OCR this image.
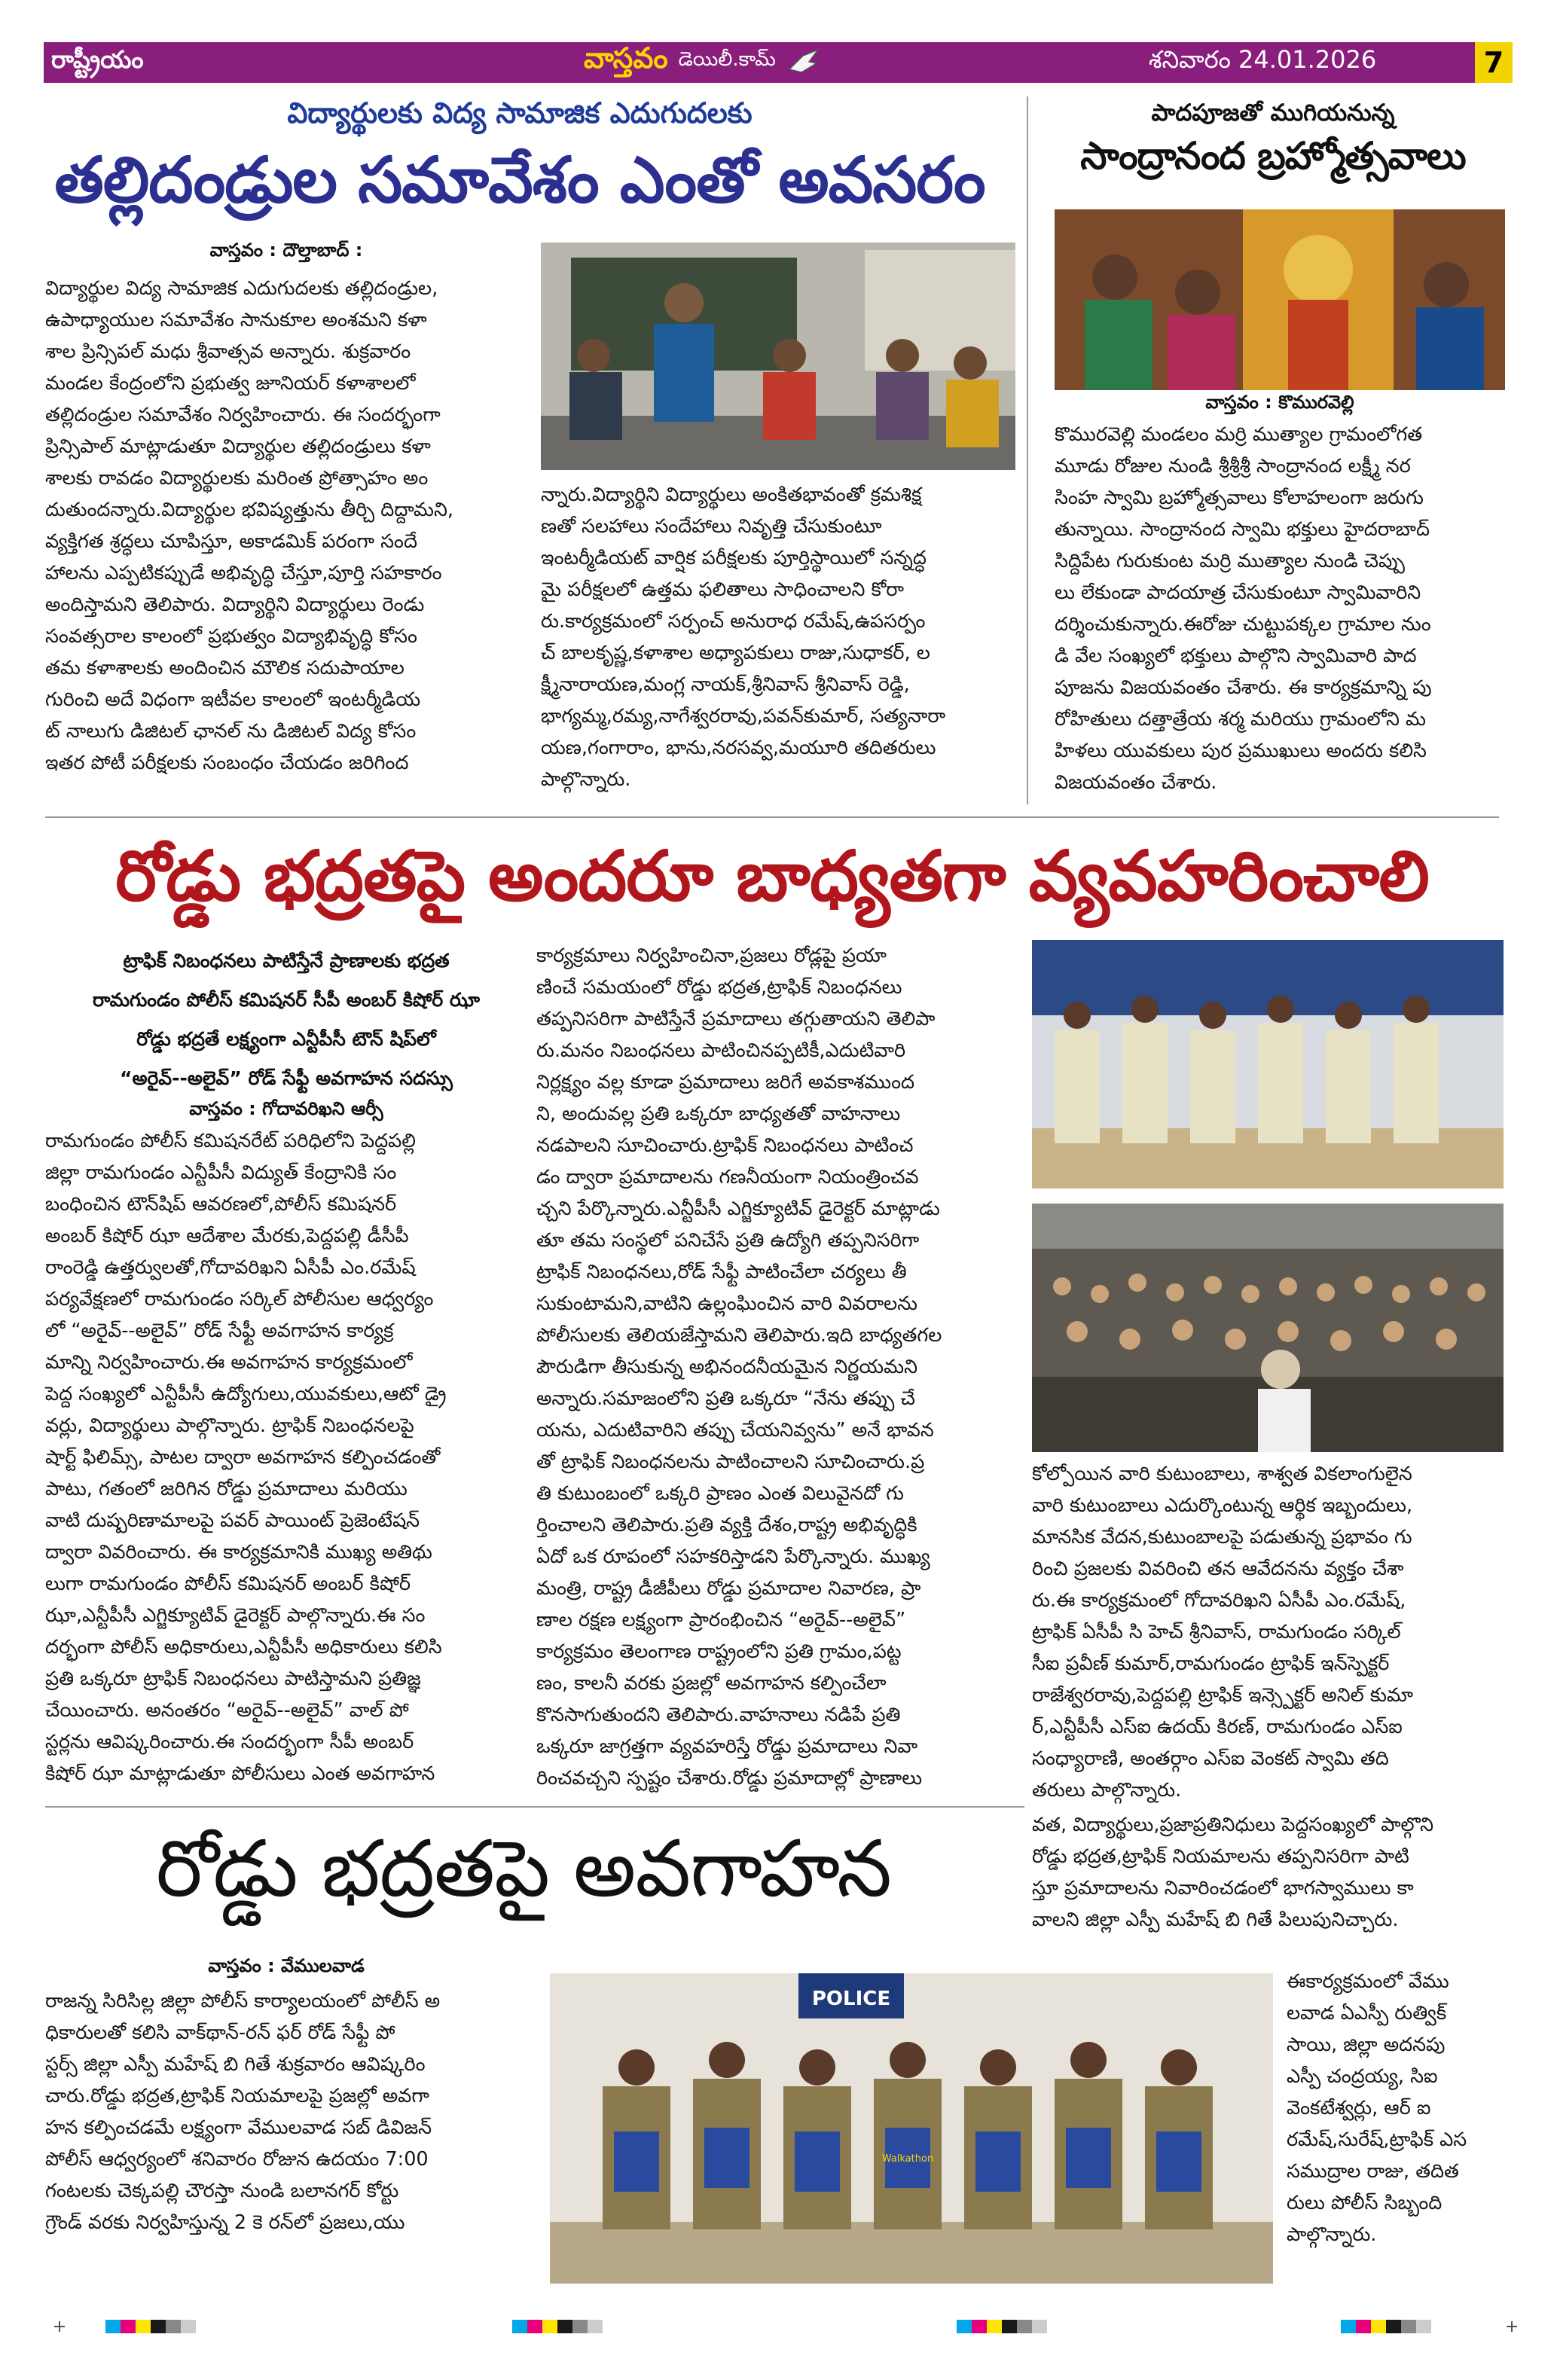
రాష్ట్రీయం	వాస్తవం డెయిలీ.కామ్	శనివారం 24.01.2026	7
విద్యార్థులకు విద్య సామాజిక ఎదుగుదలకు
తల్లిదండ్రుల సమావేశం ఎంతో అవసరం
వాస్తవం : దౌల్తాబాద్ :
విద్యార్థుల విద్య సామాజిక ఎదుగుదలకు తల్లిదండ్రుల,
ఉపాధ్యాయుల సమావేశం సానుకూల అంశమని కళా
శాల ప్రిన్సిపల్ మధు శ్రీవాత్సవ అన్నారు. శుక్రవారం
మండల కేంద్రంలోని ప్రభుత్వ జూనియర్ కళాశాలలో
తల్లిదండ్రుల సమావేశం నిర్వహించారు. ఈ సందర్భంగా
ప్రిన్సిపాల్ మాట్లాడుతూ విద్యార్థుల తల్లిదండ్రులు కళా
శాలకు రావడం విద్యార్థులకు మరింత ప్రోత్సాహం అం
దుతుందన్నారు.విద్యార్థుల భవిష్యత్తును తీర్చి దిద్దామని,
వ్యక్తిగత శ్రద్ధలు చూపిస్తూ, అకాడమిక్ పరంగా సందే
హాలను ఎప్పటికప్పుడే అభివృద్ధి చేస్తూ,పూర్తి సహకారం
అందిస్తామని తెలిపారు. విద్యార్థిని విద్యార్థులు రెండు
సంవత్సరాల కాలంలో ప్రభుత్వం విద్యాభివృద్ధి కోసం
తమ కళాశాలకు అందించిన మౌలిక సదుపాయాల
గురించి అదే విధంగా ఇటీవల కాలంలో ఇంటర్మీడియ
ట్ నాలుగు డిజిటల్ ఛానల్ ను డిజిటల్ విద్య కోసం
ఇతర పోటీ పరీక్షలకు సంబంధం చేయడం జరిగింద
న్నారు.విద్యార్థిని విద్యార్థులు అంకితభావంతో క్రమశిక్ష
ణతో సలహాలు సందేహాలు నివృత్తి చేసుకుంటూ
ఇంటర్మీడియట్ వార్షిక పరీక్షలకు పూర్తిస్థాయిలో సన్నద్ధ
మై పరీక్షలలో ఉత్తమ ఫలితాలు సాధించాలని కోరా
రు.కార్యక్రమంలో సర్పంచ్ అనురాధ రమేష్,ఉపసర్పం
చ్ బాలకృష్ణ,కళాశాల అధ్యాపకులు రాజు,సుధాకర్, ల
క్ష్మీనారాయణ,మంగ్ల నాయక్,శ్రీనివాస్ శ్రీనివాస్ రెడ్డి,
భాగ్యమ్మ,రమ్య,నాగేశ్వరరావు,పవన్‌కుమార్, సత్యనారా
యణ,గంగారాం, భాను,నరసవ్వ,మయూరి తదితరులు
పాల్గొన్నారు.
పాదపూజతో ముగియనున్న
సాంద్రానంద బ్రహ్మోత్సవాలు
వాస్తవం : కొమురవెల్లి
కొమురవెల్లి మండలం మర్రి ముత్యాల గ్రామంలోగత
మూడు రోజుల నుండి శ్రీశ్రీశ్రీ సాంద్రానంద లక్ష్మీ నర
సింహ స్వామి బ్రహ్మోత్సవాలు కోలాహలంగా జరుగు
తున్నాయి. సాంద్రానంద స్వామి భక్తులు హైదరాబాద్
సిద్దిపేట గురుకుంట మర్రి ముత్యాల నుండి చెప్పు
లు లేకుండా పాదయాత్ర చేసుకుంటూ స్వామివారిని
దర్శించుకున్నారు.ఈరోజు చుట్టుపక్కల గ్రామాల నుం
డి వేల సంఖ్యలో భక్తులు పాల్గొని స్వామివారి పాద
పూజను విజయవంతం చేశారు. ఈ కార్యక్రమాన్ని పు
రోహితులు దత్తాత్రేయ శర్మ మరియు గ్రామంలోని మ
హిళలు యువకులు పుర ప్రముఖులు అందరు కలిసి
విజయవంతం చేశారు.
రోడ్డు భద్రతపై అందరూ బాధ్యతగా వ్యవహరించాలి
ట్రాఫిక్ నిబంధనలు పాటిస్తేనే ప్రాణాలకు భద్రత
రామగుండం పోలీస్ కమిషనర్ సీపీ అంబర్ కిషోర్ ఝా
రోడ్డు భద్రతే లక్ష్యంగా ఎన్టీపీసీ టౌన్ షిప్‌లో
“అరైవ్--అలైవ్” రోడ్ సేఫ్టీ అవగాహన సదస్సు
వాస్తవం : గోదావరిఖని ఆర్సీ
రామగుండం పోలీస్ కమిషనరేట్ పరిధిలోని పెద్దపల్లి
జిల్లా రామగుండం ఎన్టీపీసీ విద్యుత్ కేంద్రానికి సం
బంధించిన టౌన్‌షిప్ ఆవరణలో,పోలీస్ కమిషనర్
అంబర్ కిషోర్ ఝా ఆదేశాల మేరకు,పెద్దపల్లి డీసీపీ
రాంరెడ్డి ఉత్తర్వులతో,గోదావరిఖని ఏసీపీ ఎం.రమేష్
పర్యవేక్షణలో రామగుండం సర్కిల్ పోలీసుల ఆధ్వర్యం
లో “అరైవ్--అలైవ్” రోడ్ సేఫ్టీ అవగాహన కార్యక్ర
మాన్ని నిర్వహించారు.ఈ అవగాహన కార్యక్రమంలో
పెద్ద సంఖ్యలో ఎన్టీపీసీ ఉద్యోగులు,యువకులు,ఆటో డ్రై
వర్లు, విద్యార్థులు పాల్గొన్నారు. ట్రాఫిక్ నిబంధనలపై
షార్ట్ ఫిలిమ్స్, పాటల ద్వారా అవగాహన కల్పించడంతో
పాటు, గతంలో జరిగిన రోడ్డు ప్రమాదాలు మరియు
వాటి దుష్పరిణామాలపై పవర్ పాయింట్ ప్రెజెంటేషన్
ద్వారా వివరించారు. ఈ కార్యక్రమానికి ముఖ్య అతిథు
లుగా రామగుండం పోలీస్ కమిషనర్ అంబర్ కిషోర్
ఝా,ఎన్టీపీసీ ఎగ్జిక్యూటివ్ డైరెక్టర్ పాల్గొన్నారు.ఈ సం
దర్భంగా పోలీస్ అధికారులు,ఎన్టీపీసీ అధికారులు కలిసి
ప్రతి ఒక్కరూ ట్రాఫిక్ నిబంధనలు పాటిస్తామని ప్రతిజ్ఞ
చేయించారు. అనంతరం “అరైవ్--అలైవ్” వాల్ పో
స్టర్లను ఆవిష్కరించారు.ఈ సందర్భంగా సీపీ అంబర్
కిషోర్ ఝా మాట్లాడుతూ పోలీసులు ఎంత అవగాహన
కార్యక్రమాలు నిర్వహించినా,ప్రజలు రోడ్లపై ప్రయా
ణించే సమయంలో రోడ్డు భద్రత,ట్రాఫిక్ నిబంధనలు
తప్పనిసరిగా పాటిస్తేనే ప్రమాదాలు తగ్గుతాయని తెలిపా
రు.మనం నిబంధనలు పాటించినప్పటికీ,ఎదుటివారి
నిర్లక్ష్యం వల్ల కూడా ప్రమాదాలు జరిగే అవకాశముంద
ని, అందువల్ల ప్రతి ఒక్కరూ బాధ్యతతో వాహనాలు
నడపాలని సూచించారు.ట్రాఫిక్ నిబంధనలు పాటించ
డం ద్వారా ప్రమాదాలను గణనీయంగా నియంత్రించవ
చ్చని పేర్కొన్నారు.ఎన్టీపీసీ ఎగ్జిక్యూటివ్ డైరెక్టర్ మాట్లాడు
తూ తమ సంస్థలో పనిచేసే ప్రతి ఉద్యోగి తప్పనిసరిగా
ట్రాఫిక్ నిబంధనలు,రోడ్ సేఫ్టీ పాటించేలా చర్యలు తీ
సుకుంటామని,వాటిని ఉల్లంఘించిన వారి వివరాలను
పోలీసులకు తెలియజేస్తామని తెలిపారు.ఇది బాధ్యతగల
పౌరుడిగా తీసుకున్న అభినందనీయమైన నిర్ణయమని
అన్నారు.సమాజంలోని ప్రతి ఒక్కరూ “నేను తప్పు చే
యను, ఎదుటివారిని తప్పు చేయనివ్వను” అనే భావన
తో ట్రాఫిక్ నిబంధనలను పాటించాలని సూచించారు.ప్ర
తి కుటుంబంలో ఒక్కరి ప్రాణం ఎంత విలువైనదో గు
ర్తించాలని తెలిపారు.ప్రతి వ్యక్తి దేశం,రాష్ట్ర అభివృద్ధికి
ఏదో ఒక రూపంలో సహకరిస్తాడని పేర్కొన్నారు. ముఖ్య
మంత్రి, రాష్ట్ర డీజీపీలు రోడ్డు ప్రమాదాల నివారణ, ప్రా
ణాల రక్షణ లక్ష్యంగా ప్రారంభించిన “అరైవ్--అలైవ్”
కార్యక్రమం తెలంగాణ రాష్ట్రంలోని ప్రతి గ్రామం,పట్ట
ణం, కాలనీ వరకు ప్రజల్లో అవగాహన కల్పించేలా
కొనసాగుతుందని తెలిపారు.వాహనాలు నడిపే ప్రతి
ఒక్కరూ జాగ్రత్తగా వ్యవహరిస్తే రోడ్డు ప్రమాదాలు నివా
రించవచ్చని స్పష్టం చేశారు.రోడ్డు ప్రమాదాల్లో ప్రాణాలు
కోల్పోయిన వారి కుటుంబాలు, శాశ్వత వికలాంగులైన
వారి కుటుంబాలు ఎదుర్కొంటున్న ఆర్థిక ఇబ్బందులు,
మానసిక వేదన,కుటుంబాలపై పడుతున్న ప్రభావం గు
రించి ప్రజలకు వివరించి తన ఆవేదనను వ్యక్తం చేశా
రు.ఈ కార్యక్రమంలో గోదావరిఖని ఏసీపీ ఎం.రమేష్,
ట్రాఫిక్ ఏసీపీ సి హెచ్ శ్రీనివాస్, రామగుండం సర్కిల్
సీఐ ప్రవీణ్ కుమార్,రామగుండం ట్రాఫిక్ ఇన్‌స్పెక్టర్
రాజేశ్వరరావు,పెద్దపల్లి ట్రాఫిక్ ఇన్స్పెక్టర్ అనిల్ కుమా
ర్,ఎన్టీపీసీ ఎస్ఐ ఉదయ్ కిరణ్, రామగుండం ఎస్ఐ
సంధ్యారాణి, అంతర్గాం ఎస్ఐ వెంకట్ స్వామి తది
తరులు పాల్గొన్నారు.
రోడ్డు భద్రతపై అవగాహన
వాస్తవం : వేములవాడ
రాజన్న సిరిసిల్ల జిల్లా పోలీస్ కార్యాలయంలో పోలీస్ అ
ధికారులతో కలిసి వాక్‌థాన్-రన్ ఫర్ రోడ్ సేఫ్టీ పో
స్టర్స్ జిల్లా ఎస్పీ మహేష్ బి గితే శుక్రవారం ఆవిష్కరిం
చారు.రోడ్డు భద్రత,ట్రాఫిక్ నియమాలపై ప్రజల్లో అవగా
హన కల్పించడమే లక్ష్యంగా వేములవాడ సబ్ డివిజన్
పోలీస్ ఆధ్వర్యంలో శనివారం రోజున ఉదయం 7:00
గంటలకు చెక్కపల్లి చౌరస్తా నుండి బలానగర్ కోర్టు
గ్రౌండ్ వరకు నిర్వహిస్తున్న 2 కె రన్‌లో ప్రజలు,యు
POLICE
Walkathon
వత, విద్యార్థులు,ప్రజాప్రతినిధులు పెద్దసంఖ్యలో పాల్గొని
రోడ్డు భద్రత,ట్రాఫిక్ నియమాలను తప్పనిసరిగా పాటి
స్తూ ప్రమాదాలను నివారించడంలో భాగస్వాములు కా
వాలని జిల్లా ఎస్పీ మహేష్ బి గితే పిలుపునిచ్చారు.
ఈకార్యక్రమంలో వేము
లవాడ ఏఎస్పీ రుత్విక్
సాయి, జిల్లా అదనపు
ఎస్పీ చంద్రయ్య, సిఐ
వెంకటేశ్వర్లు, ఆర్ ఐ
రమేష్,సురేష్,ట్రాఫిక్ ఎస
సముద్రాల రాజు, తదిత
రులు పోలీస్ సిబ్బంది
పాల్గొన్నారు.
